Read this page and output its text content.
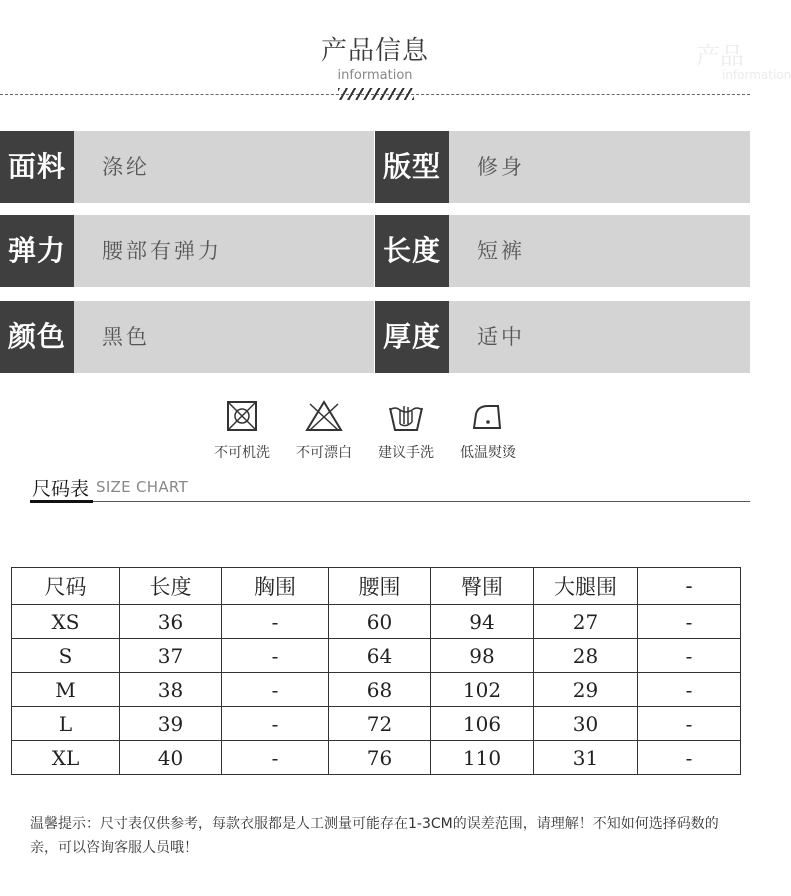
产品信息
information
产品
information
面料	涤纶	版型	修身
弹力	腰部有弹力	长度	短裤
颜色	黑色	厚度	适中
不可机洗	不可漂白	建议手洗	低温熨烫
尺码表 SIZE CHART
尺码	长度	胸围	腰围	臀围	大腿围	-
XS	36	-	60	94	27	-
S	37	-	64	98	28	-
M	38	-	68	102	29	-
L	39	-	72	106	30	-
XL	40	-	76	110	31	-
温馨提示：尺寸表仅供参考，每款衣服都是人工测量可能存在1-3CM的误差范围，请理解！不知如何选择码数的亲，可以咨询客服人员哦！
